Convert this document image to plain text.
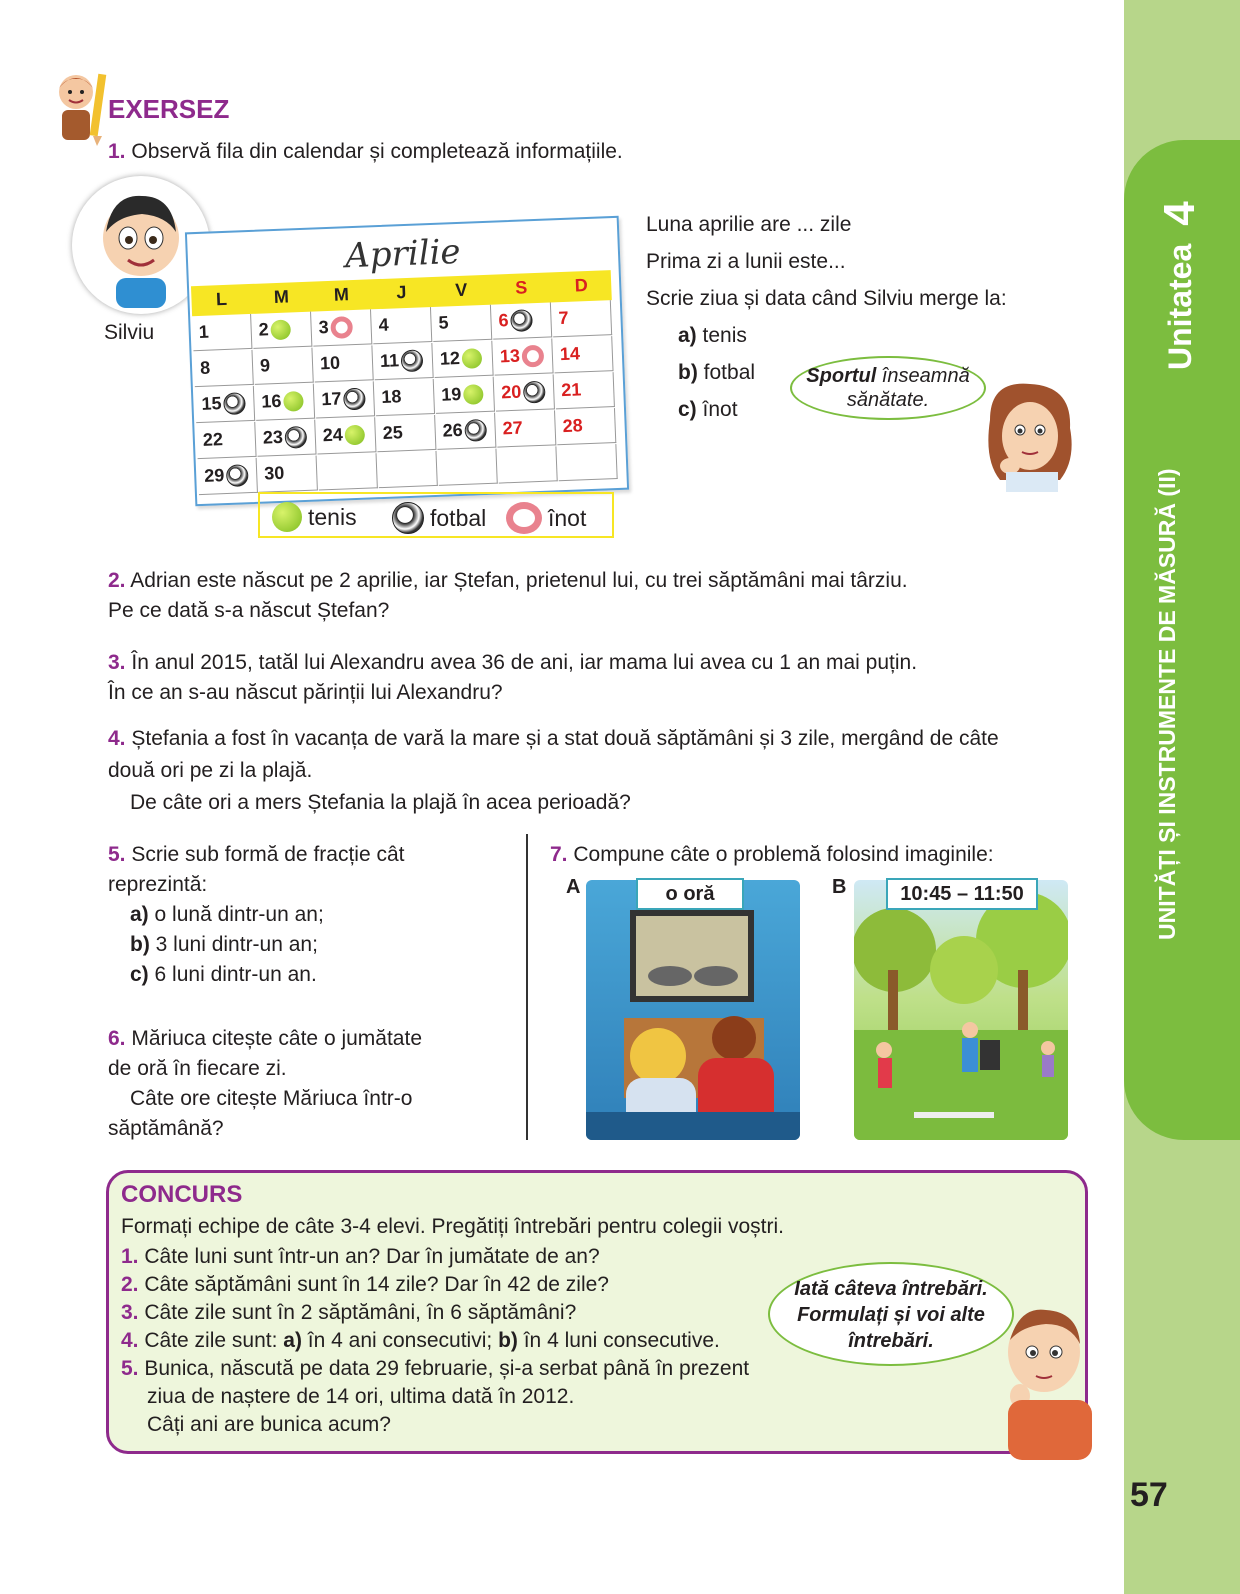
Unitatea
4
UNITĂȚI ȘI INSTRUMENTE DE MĂSURĂ (II)
57
EXERSEZ
1. Observă fila din calendar și completează informațiile.
Silviu
Aprilie
L	M	M	J	V	S	D
1	2	3	4	5	6	7
8	9	10	11	12	13	14
15	16	17	18	19	20	21
22	23	24	25	26	27	28
29	30
tenis	fotbal	înot
Luna aprilie are ... zile
Prima zi a lunii este...
Scrie ziua și data când Silviu merge la:
a) tenis
b) fotbal
c) înot
Sportul înseamnă
sănătate.
2. Adrian este născut pe 2 aprilie, iar Ștefan, prietenul lui, cu trei săptămâni mai târziu.
Pe ce dată s-a născut Ștefan?
3. În anul 2015, tatăl lui Alexandru avea 36 de ani, iar mama lui avea cu 1 an mai puțin.
În ce an s-au născut părinții lui Alexandru?
4. Ștefania a fost în vacanța de vară la mare și a stat două săptămâni și 3 zile, mergând de câte
două ori pe zi la plajă.
De câte ori a mers Ștefania la plajă în acea perioadă?
5. Scrie sub formă de fracție cât
reprezintă:
a) o lună dintr-un an;
b) 3 luni dintr-un an;
c) 6 luni dintr-un an.
6. Măriuca citește câte o jumătate
de oră în fiecare zi.
Câte ore citește Măriuca într-o
săptămână?
7. Compune câte o problemă folosind imaginile:
A	B
o oră	10:45 – 11:50
CONCURS
Formați echipe de câte 3-4 elevi. Pregătiți întrebări pentru colegii voștri.
1. Câte luni sunt într-un an? Dar în jumătate de an?
2. Câte săptămâni sunt în 14 zile? Dar în 42 de zile?
3. Câte zile sunt în 2 săptămâni, în 6 săptămâni?
4. Câte zile sunt: a) în 4 ani consecutivi; b) în 4 luni consecutive.
5. Bunica, născută pe data 29 februarie, și-a serbat până în prezent
ziua de naștere de 14 ori, ultima dată în 2012.
Câți ani are bunica acum?
Iată câteva întrebări.
Formulați și voi alte
întrebări.
